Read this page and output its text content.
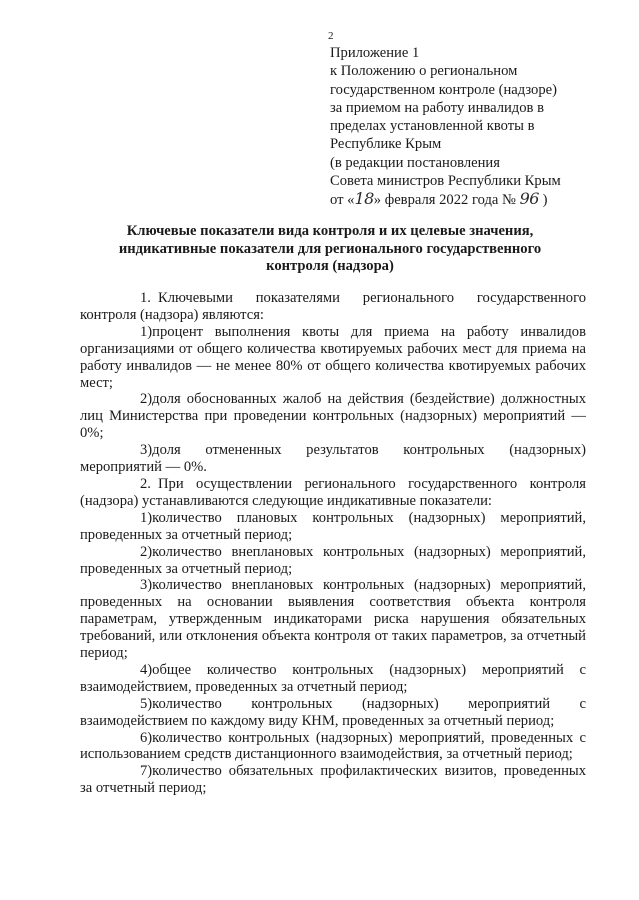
2
Приложение 1
к Положению о региональном
государственном контроле (надзоре)
за приемом на работу инвалидов в
пределах установленной квоты в
Республике Крым
(в редакции постановления
Совета министров Республики Крым
от «18» февраля 2022 года № 96 )
Ключевые показатели вида контроля и их целевые значения,
индикативные показатели для регионального государственного
контроля (надзора)

1. Ключевыми показателями регионального государственного контроля (надзора) являются:

1)процент выполнения квоты для приема на работу инвалидов организациями от общего количества квотируемых рабочих мест для приема на работу инвалидов — не менее 80% от общего количества квотируемых рабочих мест;

2)доля обоснованных жалоб на действия (бездействие) должностных лиц Министерства при проведении контрольных (надзорных) мероприятий — 0%;

3)доля отмененных результатов контрольных (надзорных) мероприятий — 0%.

2. При осуществлении регионального государственного контроля (надзора) устанавливаются следующие индикативные показатели:

1)количество плановых контрольных (надзорных) мероприятий, проведенных за отчетный период;

2)количество внеплановых контрольных (надзорных) мероприятий, проведенных за отчетный период;

3)количество внеплановых контрольных (надзорных) мероприятий, проведенных на основании выявления соответствия объекта контроля параметрам, утвержденным индикаторами риска нарушения обязательных требований, или отклонения объекта контроля от таких параметров, за отчетный период;

4)общее количество контрольных (надзорных) мероприятий с взаимодействием, проведенных за отчетный период;

5)количество контрольных (надзорных) мероприятий с взаимодействием по каждому виду КНМ, проведенных за отчетный период;

6)количество контрольных (надзорных) мероприятий, проведенных с использованием средств дистанционного взаимодействия, за отчетный период;

7)количество обязательных профилактических визитов, проведенных за отчетный период;
